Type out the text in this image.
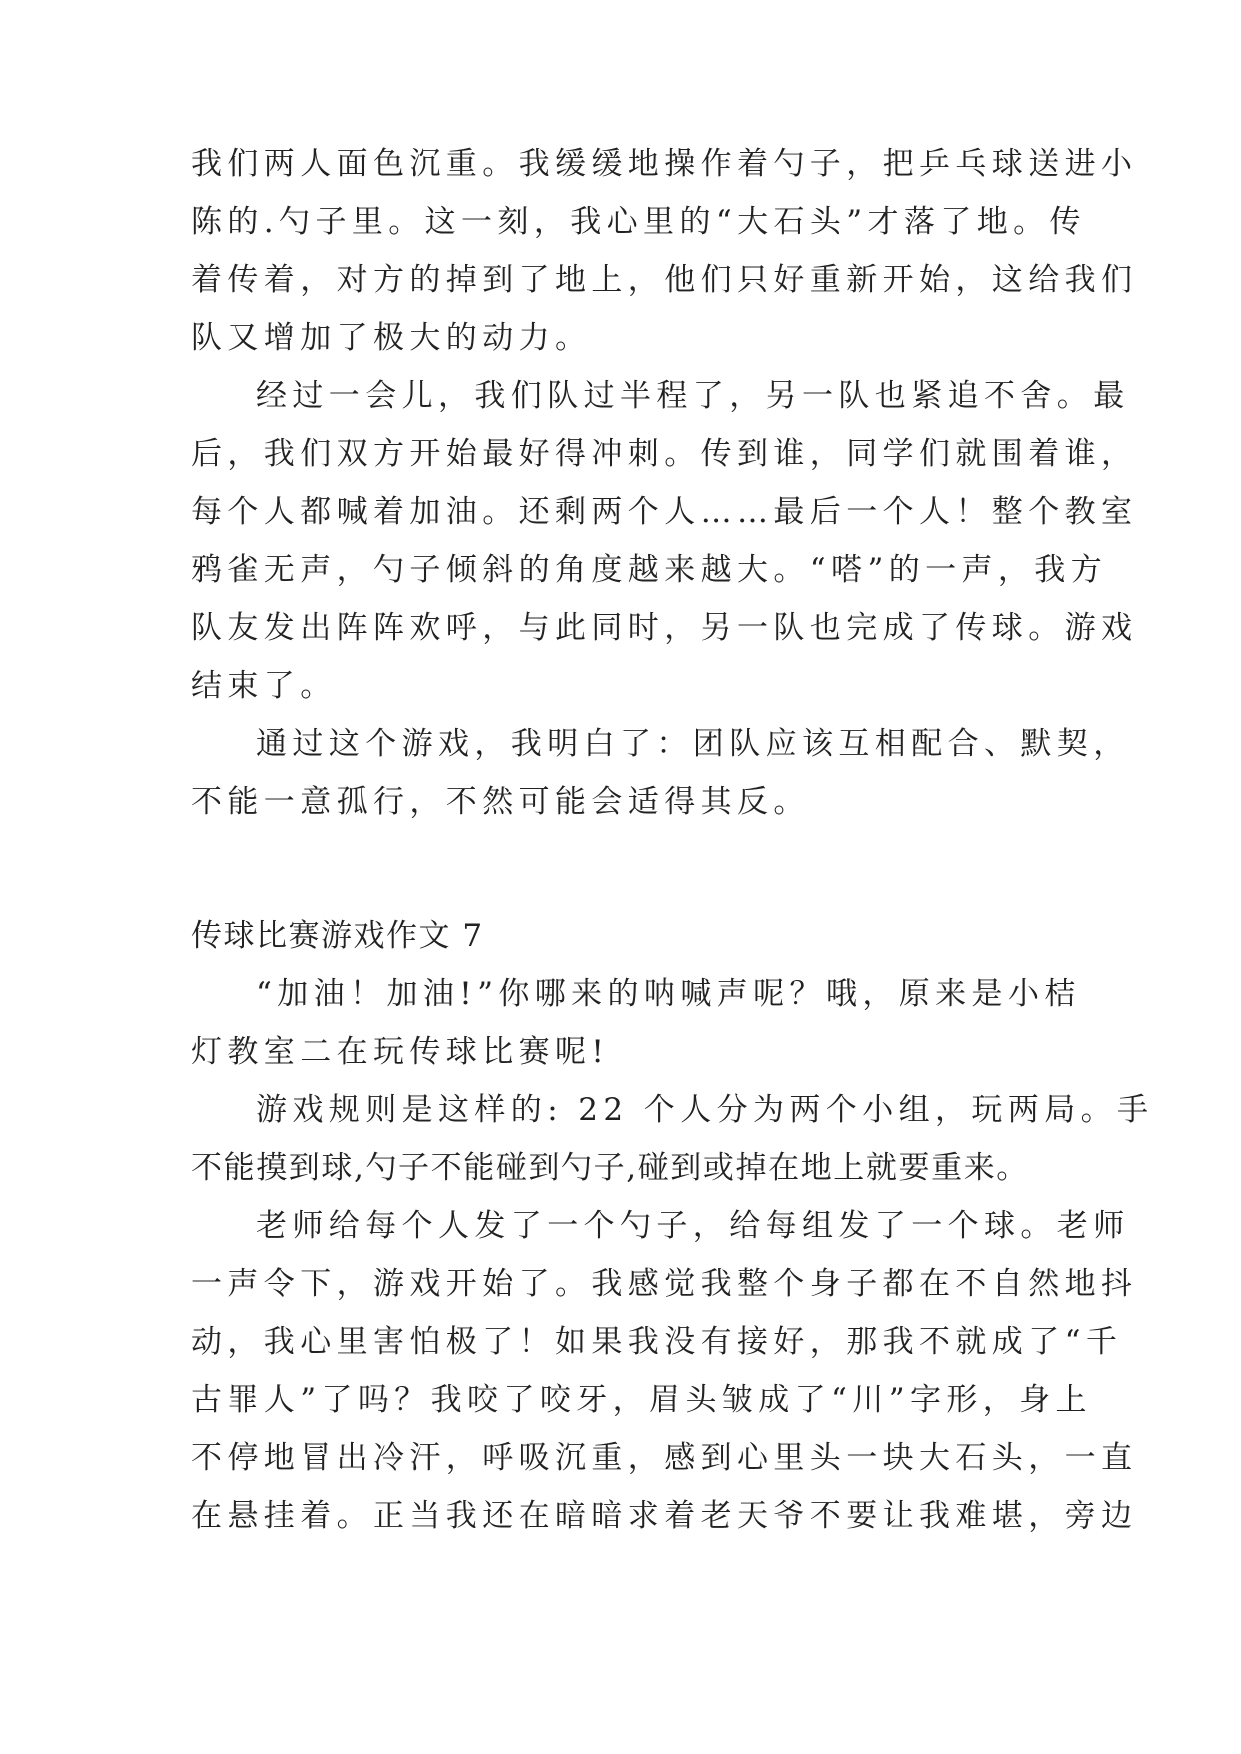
我们两人面色沉重。我缓缓地操作着勺子，把乒乓球送进小
陈的.勺子里。这一刻，我心里的“大石头”才落了地。传
着传着，对方的掉到了地上，他们只好重新开始，这给我们
队又增加了极大的动力。
经过一会儿，我们队过半程了，另一队也紧追不舍。最
后，我们双方开始最好得冲刺。传到谁，同学们就围着谁，
每个人都喊着加油。还剩两个人……最后一个人！整个教室
鸦雀无声，勺子倾斜的角度越来越大。“嗒”的一声，我方
队友发出阵阵欢呼，与此同时，另一队也完成了传球。游戏
结束了。
通过这个游戏，我明白了：团队应该互相配合、默契，
不能一意孤行，不然可能会适得其反。
传球比赛游戏作文 7
“加油！加油!”你哪来的呐喊声呢？哦，原来是小桔
灯教室二在玩传球比赛呢!
游戏规则是这样的: 22 个人分为两个小组，玩两局。手
不能摸到球,勺子不能碰到勺子,碰到或掉在地上就要重来。
老师给每个人发了一个勺子，给每组发了一个球。老师
一声令下，游戏开始了。我感觉我整个身子都在不自然地抖
动，我心里害怕极了！如果我没有接好，那我不就成了“千
古罪人”了吗？我咬了咬牙，眉头皱成了“川”字形，身上
不停地冒出冷汗，呼吸沉重，感到心里头一块大石头，一直
在悬挂着。正当我还在暗暗求着老天爷不要让我难堪，旁边
